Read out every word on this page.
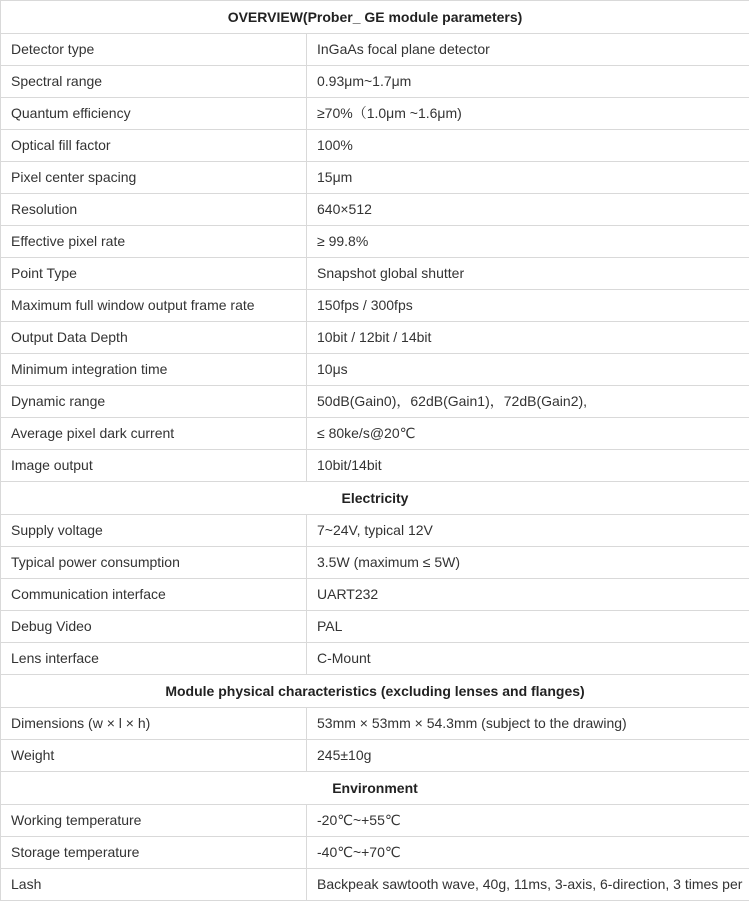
OVERVIEW(Prober_ GE module parameters)	
Detector type	InGaAs focal plane detector
Spectral range	0.93μm~1.7μm
Quantum efficiency	≥70%（1.0μm ~1.6μm)
Optical fill factor	100%
Pixel center spacing	15μm
Resolution	640×512
Effective pixel rate	≥ 99.8%
Point Type	Snapshot global shutter
Maximum full window output frame rate	150fps / 300fps
Output Data Depth	10bit / 12bit / 14bit
Minimum integration time	10μs
Dynamic range	50dB(Gain0)，62dB(Gain1)，72dB(Gain2),
Average pixel dark current	≤ 80ke/s@20℃
Image output	10bit/14bit
Electricity	
Supply voltage	7~24V, typical 12V
Typical power consumption	3.5W (maximum ≤ 5W)
Communication interface	UART232
Debug Video	PAL
Lens interface	C-Mount
Module physical characteristics (excluding lenses and flanges)	
Dimensions (w × l × h)	53mm × 53mm × 54.3mm (subject to the drawing)
Weight	245±10g
Environment	
Working temperature	-20℃~+55℃
Storage temperature	-40℃~+70℃
Lash	Backpeak sawtooth wave, 40g, 11ms, 3-axis, 6-direction, 3 times per
